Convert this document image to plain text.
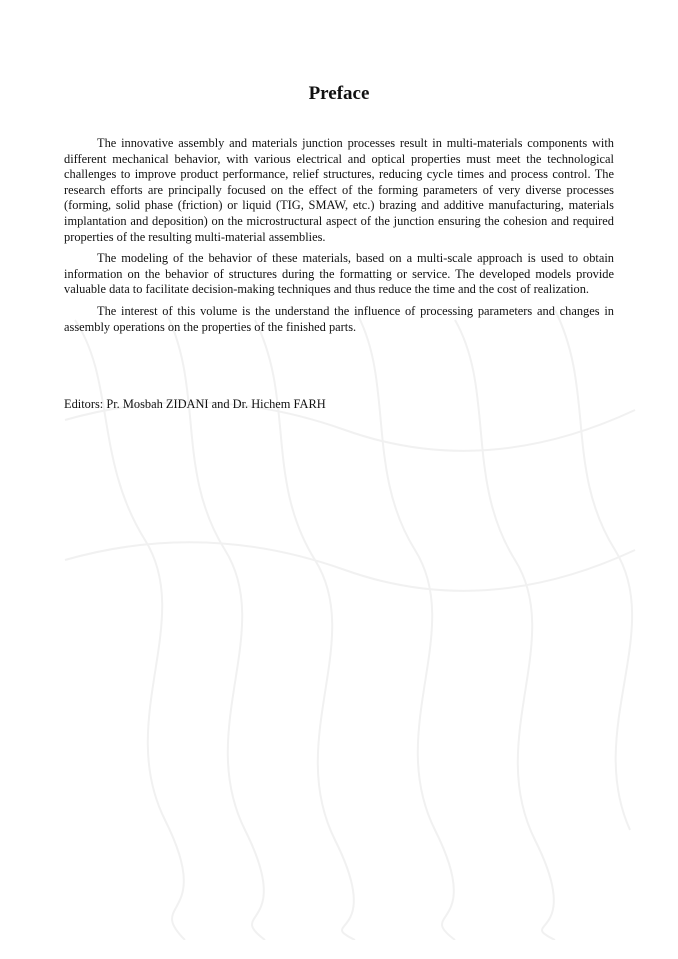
Preface

The innovative assembly and materials junction processes result in multi-materials components with different mechanical behavior, with various electrical and optical properties must meet the technological challenges to improve product performance, relief structures, reducing cycle times and process control. The research efforts are principally focused on the effect of the forming parameters of very diverse processes (forming, solid phase (friction) or liquid (TIG, SMAW, etc.) brazing and additive manufacturing, materials implantation and deposition) on the microstructural aspect of the junction ensuring the cohesion and required properties of the resulting multi-material assemblies.

The modeling of the behavior of these materials, based on a multi-scale approach is used to obtain information on the behavior of structures during the formatting or service. The developed models provide valuable data to facilitate decision-making techniques and thus reduce the time and the cost of realization.

The interest of this volume is the understand the influence of processing parameters and changes in assembly operations on the properties of the finished parts.

Editors: Pr. Mosbah ZIDANI and Dr. Hichem FARH
